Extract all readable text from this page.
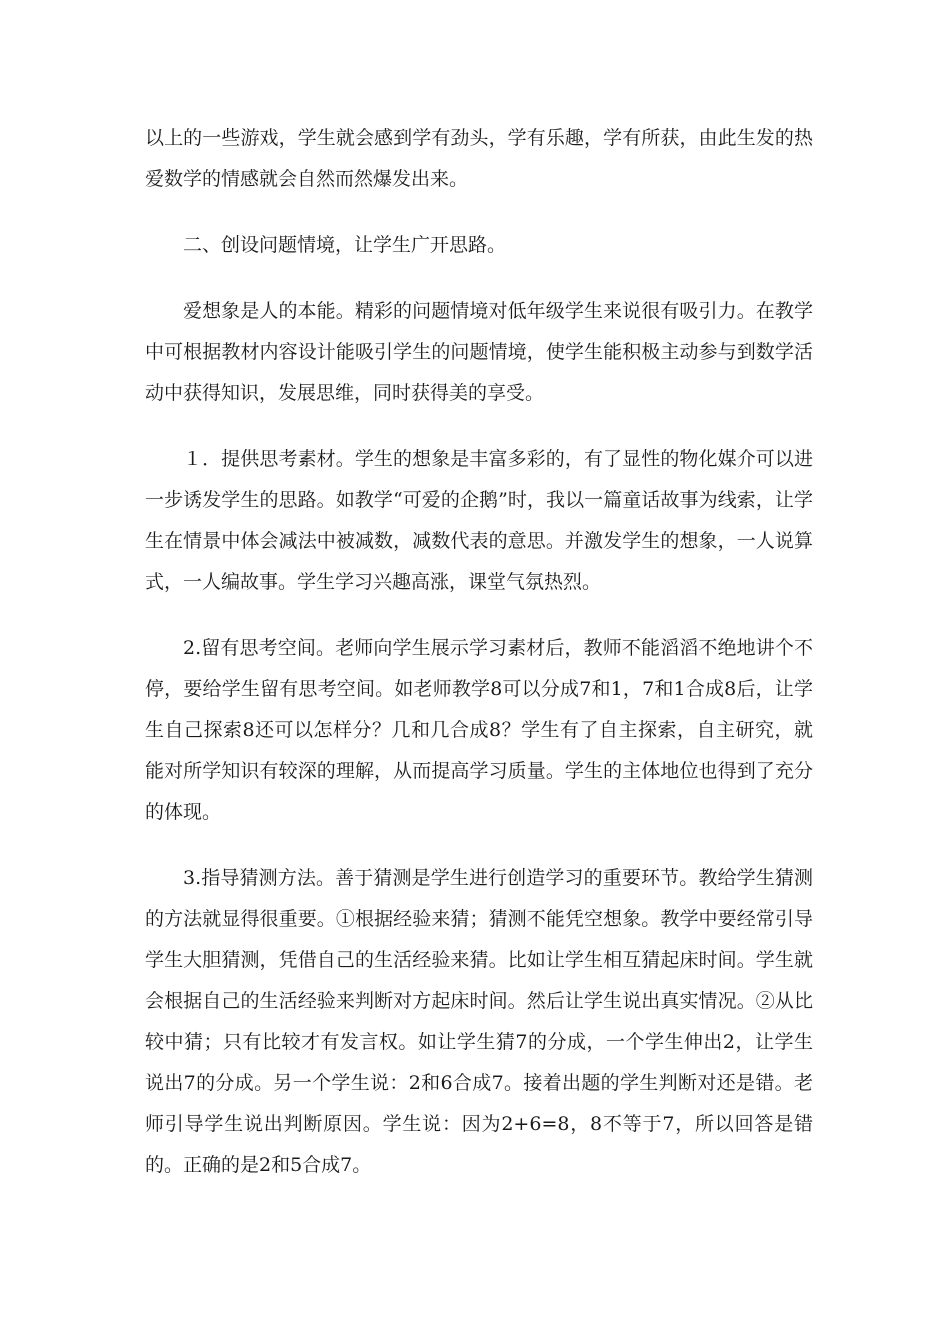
以上的一些游戏，学生就会感到学有劲头，学有乐趣，学有所获，由此生发的热爱数学的情感就会自然而然爆发出来。

二、创设问题情境，让学生广开思路。

爱想象是人的本能。精彩的问题情境对低年级学生来说很有吸引力。在教学中可根据教材内容设计能吸引学生的问题情境，使学生能积极主动参与到数学活动中获得知识，发展思维，同时获得美的享受。

１．提供思考素材。学生的想象是丰富多彩的，有了显性的物化媒介可以进一步诱发学生的思路。如教学“可爱的企鹅”时，我以一篇童话故事为线索，让学生在情景中体会减法中被减数，减数代表的意思。并激发学生的想象，一人说算式，一人编故事。学生学习兴趣高涨，课堂气氛热烈。

2.留有思考空间。老师向学生展示学习素材后，教师不能滔滔不绝地讲个不停，要给学生留有思考空间。如老师教学8可以分成7和1，7和1合成8后，让学生自己探索8还可以怎样分？几和几合成8？学生有了自主探索，自主研究，就能对所学知识有较深的理解，从而提高学习质量。学生的主体地位也得到了充分的体现。

3.指导猜测方法。善于猜测是学生进行创造学习的重要环节。教给学生猜测的方法就显得很重要。①根据经验来猜；猜测不能凭空想象。教学中要经常引导学生大胆猜测，凭借自己的生活经验来猜。比如让学生相互猜起床时间。学生就会根据自己的生活经验来判断对方起床时间。然后让学生说出真实情况。②从比较中猜；只有比较才有发言权。如让学生猜7的分成，一个学生伸出2，让学生说出7的分成。另一个学生说：2和6合成7。接着出题的学生判断对还是错。老师引导学生说出判断原因。学生说：因为2+6=8，8不等于7，所以回答是错的。正确的是2和5合成7。
